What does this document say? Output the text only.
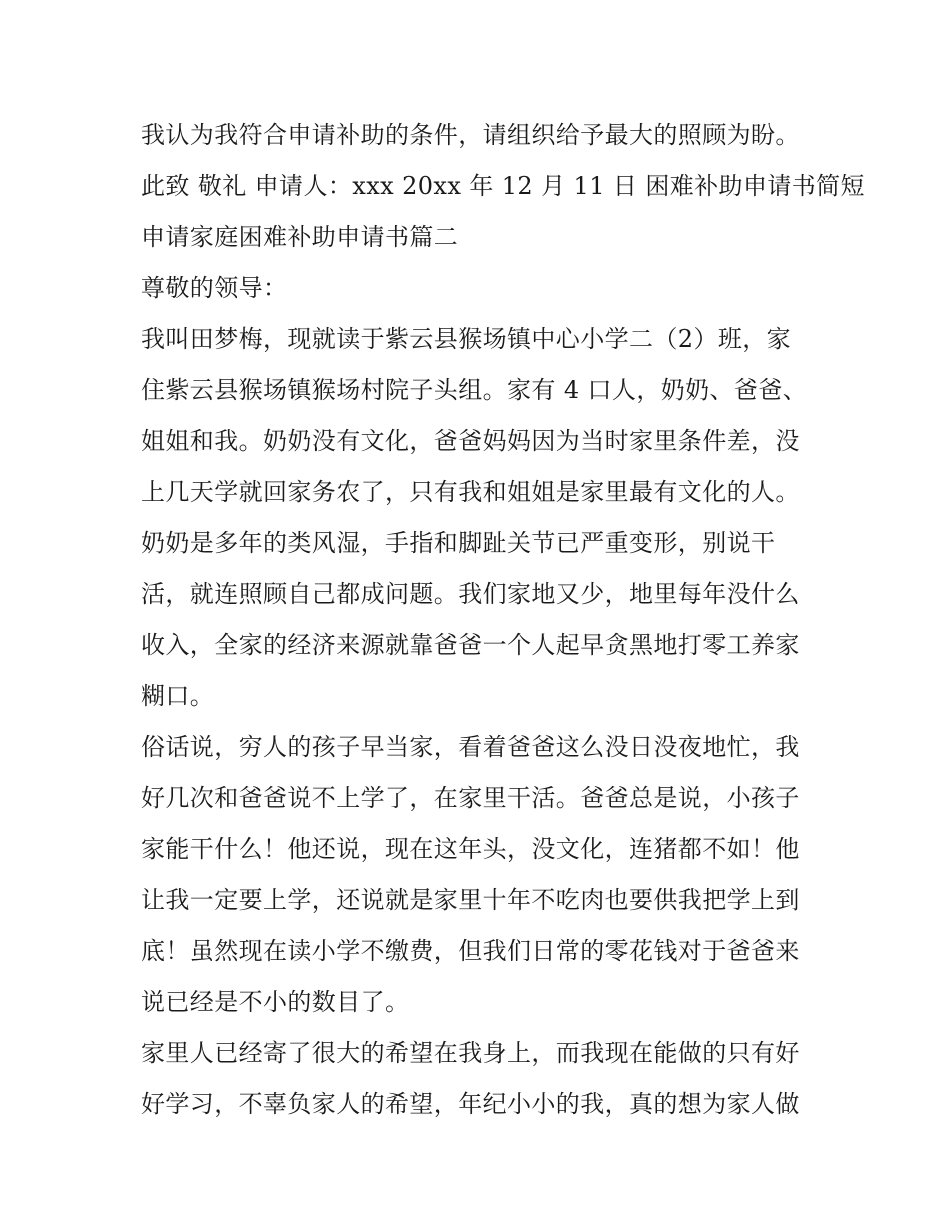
我认为我符合申请补助的条件，请组织给予最大的照顾为盼。
此致 敬礼 申请人：xxx 20xx 年 12 月 11 日 困难补助申请书简短
申请家庭困难补助申请书篇二
尊敬的领导：
我叫田梦梅，现就读于紫云县猴场镇中心小学二（2）班，家
住紫云县猴场镇猴场村院子头组。家有 4 口人，奶奶、爸爸、
姐姐和我。奶奶没有文化，爸爸妈妈因为当时家里条件差，没
上几天学就回家务农了，只有我和姐姐是家里最有文化的人。
奶奶是多年的类风湿，手指和脚趾关节已严重变形，别说干
活，就连照顾自己都成问题。我们家地又少，地里每年没什么
收入，全家的经济来源就靠爸爸一个人起早贪黑地打零工养家
糊口。
俗话说，穷人的孩子早当家，看着爸爸这么没日没夜地忙，我
好几次和爸爸说不上学了，在家里干活。爸爸总是说，小孩子
家能干什么！他还说，现在这年头，没文化，连猪都不如！他
让我一定要上学，还说就是家里十年不吃肉也要供我把学上到
底！虽然现在读小学不缴费，但我们日常的零花钱对于爸爸来
说已经是不小的数目了。
家里人已经寄了很大的希望在我身上，而我现在能做的只有好
好学习，不辜负家人的希望，年纪小小的我，真的想为家人做
